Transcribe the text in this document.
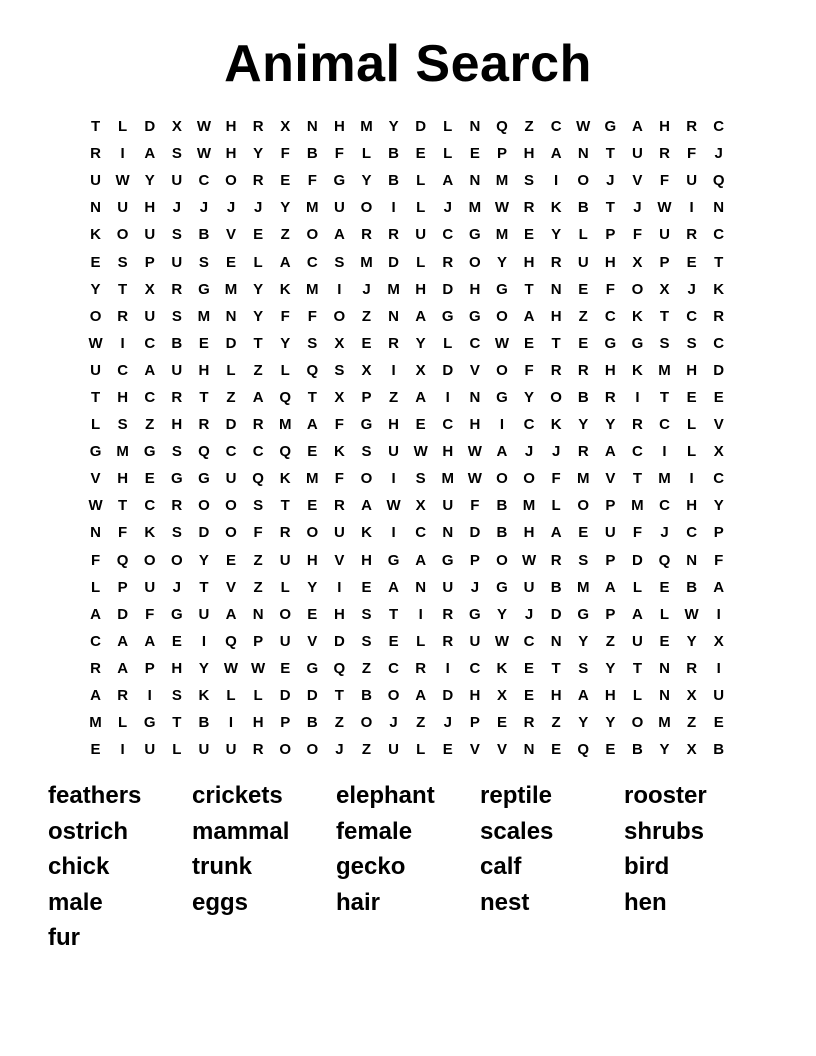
Animal Search
T	L	D	X	W H	R	X	N	H	M	Y	D	L	N	Q	Z	C W G	A	H	R	C
R	I	A	S	W H	Y	F	B	F	L	B	E	L	E	P	H	A	N	T	U	R	F	J
U W	Y	U	C	O	R	E	F	G	Y	B	L	A	N	M	S	I	O	J	V	F	U	Q
N	U	H	J	J	J	J	Y	M	U	O	I	L	J	M W R	K	B	T	J	W	I	N
K	O	U	S	B	V	E	Z	O	A	R	R	U	C	G	M	E	Y	L	P	F	U	R	C
E	S	P	U	S	E	L	A	C	S	M	D	L	R	O	Y	H	R	U	H	X	P	E	T
Y	T	X	R	G	M	Y	K	M	I	J	M	H	D	H	G	T	N	E	F	O	X	J	K
O	R	U	S	M	N	Y	F	F	O	Z	N	A	G	G	O	A	H	Z	C	K	T	C	R
W	I	C	B	E	D	T	Y	S	X	E	R	Y	L	C W	E	T	E	G	G	S	S	C
U	C	A	U	H	L	Z	L	Q	S	X	I	X	D	V	O	F	R	R	H	K	M	H	D
T	H	C	R	T	Z	A	Q	T	X	P	Z	A	I	N	G	Y	O	B	R	I	T	E	E
L	S	Z	H	R	D	R	M	A	F	G	H	E	C	H	I	C	K	Y	Y	R	C	L	V
G	M	G	S	Q	C	C	Q	E	K	S	U W H W A	J	J	R	A	C	I	L	X
V	H	E	G	G	U	Q	K	M	F	O	I	S	M W O	O	F	M	V	T	M	I	C
W	T	C	R	O	O	S	T	E	R	A W	X	U	F	B	M	L	O	P	M	C	H	Y
N	F	K	S	D	O	F	R	O	U	K	I	C	N	D	B	H	A	E	U	F	J	C	P
F	Q	O	O	Y	E	Z	U	H	V	H	G	A	G	P	O W R	S	P	D	Q	N	F
L	P	U	J	T	V	Z	L	Y	I	E	A	N	U	J	G	U	B	M	A	L	E	B	A
A	D	F	G	U	A	N	O	E	H	S	T	I	R	G	Y	J	D	G	P	A	L	W	I
C	A	A	E	I	Q	P	U	V	D	S	E	L	R	U W C	N	Y	Z	U	E	Y	X
R	A	P	H	Y	W W	E	G	Q	Z	C	R	I	C	K	E	T	S	Y	T	N	R	I
A	R	I	S	K	L	L	D	D	T	B	O	A	D	H	X	E	H	A	H	L	N	X	U
M	L	G	T	B	I	H	P	B	Z	O	J	Z	J	P	E	R	Z	Y	Y	O	M	Z	E
E	I	U	L	U	U	R	O	O	J	Z	U	L	E	V	V	N	E	Q	E	B	Y	X	B
feathers	crickets	elephant	reptile	rooster
ostrich	mammal	female	scales	shrubs
chick	trunk	gecko	calf	bird
male	eggs	hair	nest	hen
fur
